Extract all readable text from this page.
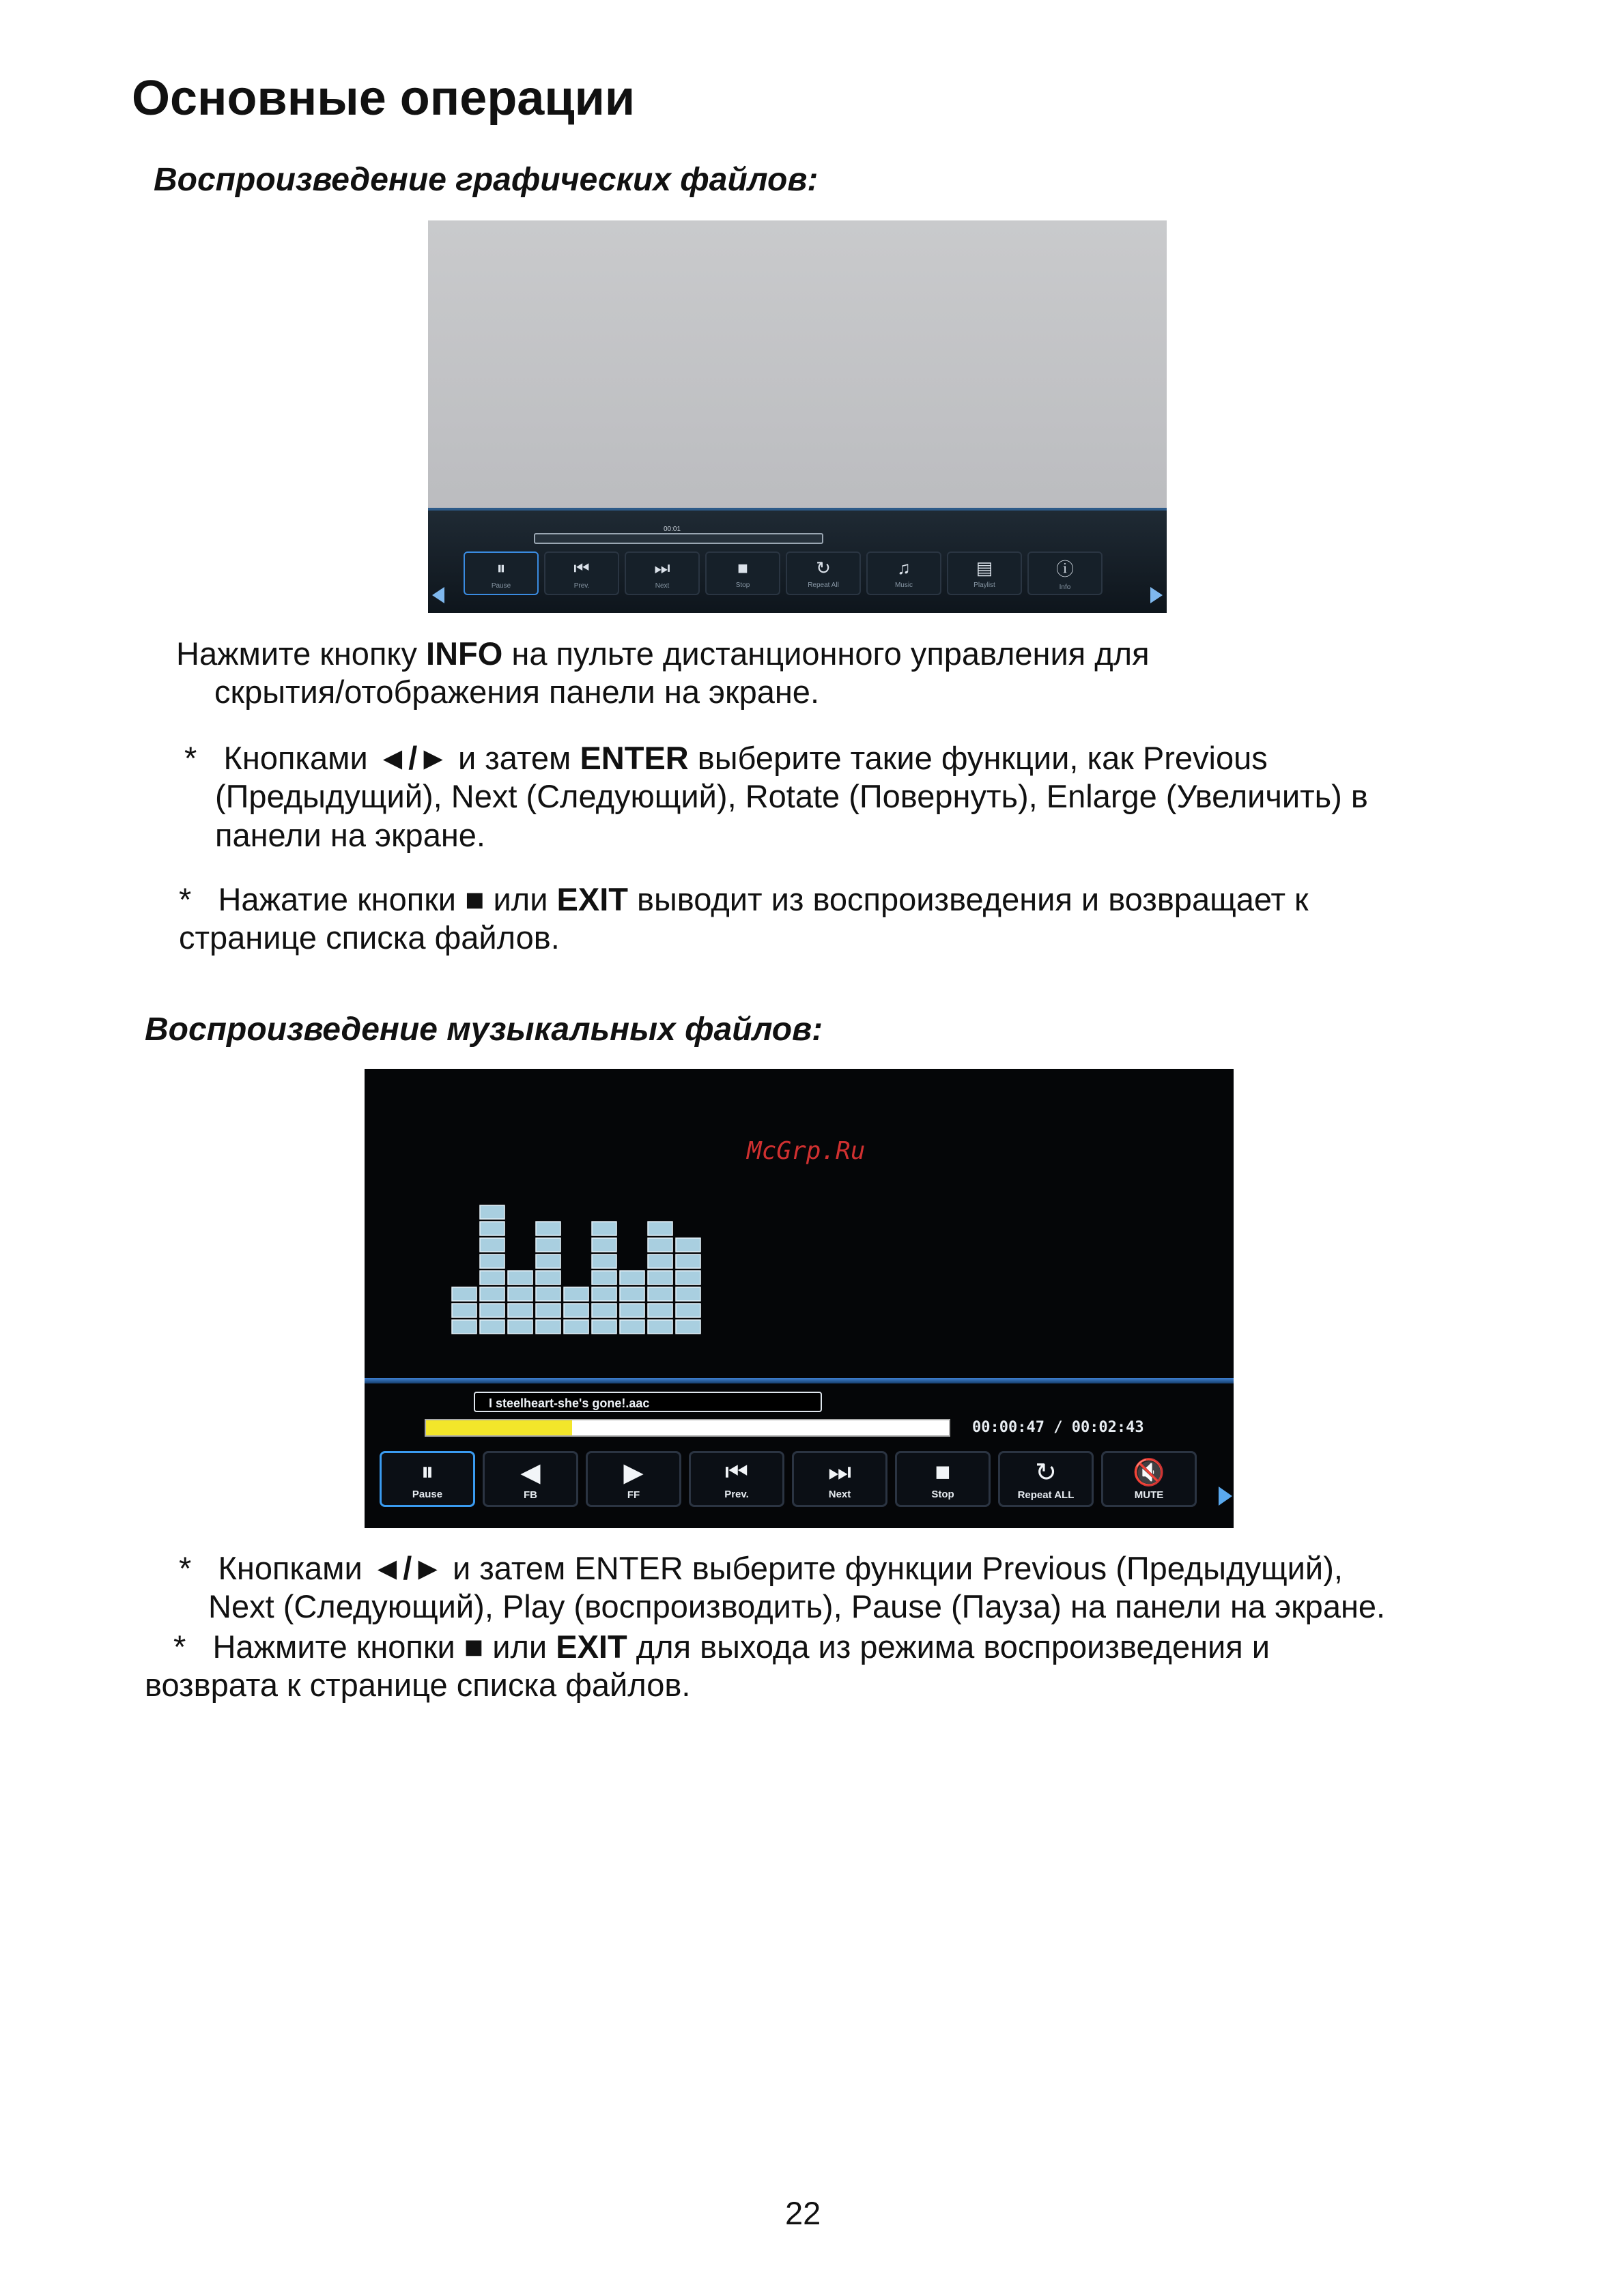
Основные операции

Воспроизведение графических файлов:

00:01
⏸
Pause
⏮
Prev.
⏭
Next
■
Stop
↻
Repeat All
♫
Music
▤
Playlist
ⓘ
Info

Нажмите кнопку INFO на пульте дистанционного управления для
скрытия/отображения панели на экране.

* Кнопками ◄/► и затем ENTER выберите такие функции, как Previous
(Предыдущий), Next (Следующий), Rotate (Повернуть), Enlarge (Увеличить) в
панели на экране.

* Нажатие кнопки ■ или EXIT выводит из воспроизведения и возвращает к
странице списка файлов.

Воспроизведение музыкальных файлов:

McGrp.Ru
I steelheart-she's gone!.aac
00:00:47 / 00:02:43
⏸
Pause
◀
FB
▶
FF
⏮
Prev.
⏭
Next
■
Stop
↻
Repeat ALL
🔇
MUTE

* Кнопками ◄/► и затем ENTER выберите функции Previous (Предыдущий),
Next (Следующий), Play (воспроизводить), Pause (Пауза) на панели на экране.

* Нажмите кнопки ■ или EXIT для выхода из режима воспроизведения и
возврата к странице списка файлов.

22
